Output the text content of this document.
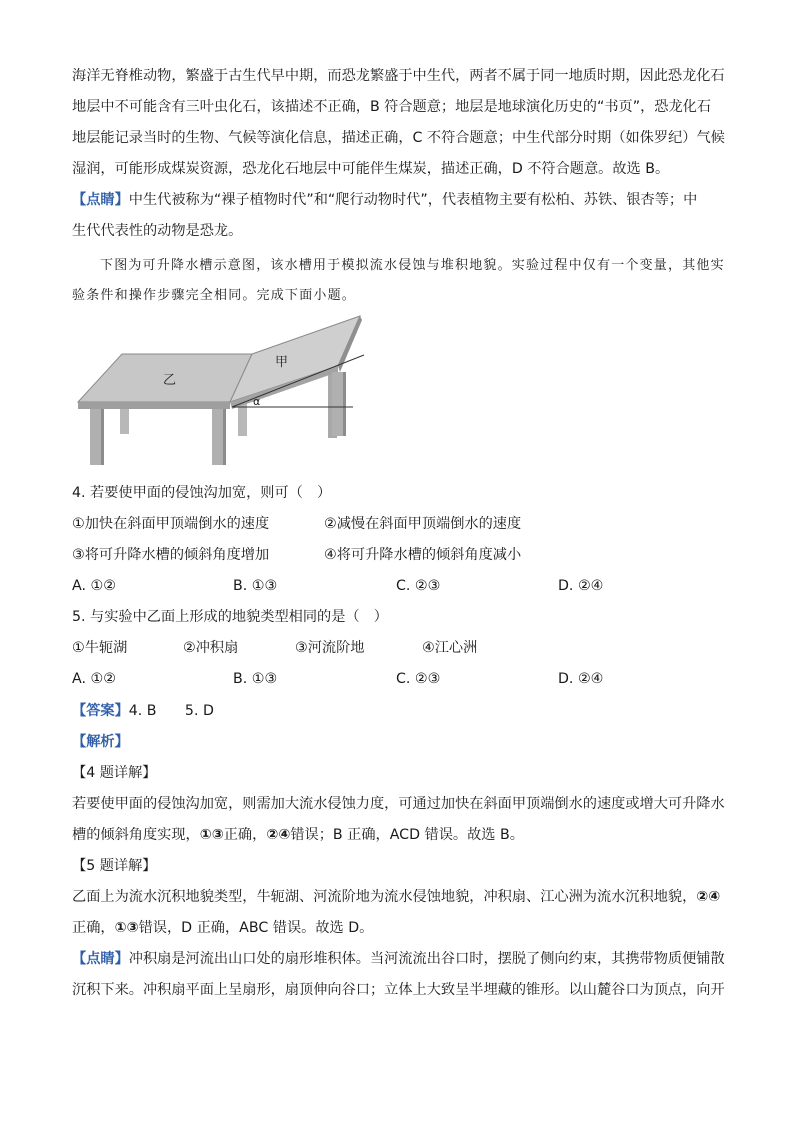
海洋无脊椎动物，繁盛于古生代早中期，而恐龙繁盛于中生代，两者不属于同一地质时期，因此恐龙化石
地层中不可能含有三叶虫化石，该描述不正确，B 符合题意；地层是地球演化历史的“书页”，恐龙化石
地层能记录当时的生物、气候等演化信息，描述正确，C 不符合题意；中生代部分时期（如侏罗纪）气候
湿润，可能形成煤炭资源，恐龙化石地层中可能伴生煤炭，描述正确，D 不符合题意。故选 B。
【点睛】中生代被称为“裸子植物时代”和“爬行动物时代”，代表植物主要有松柏、苏铁、银杏等；中
生代代表性的动物是恐龙。
下图为可升降水槽示意图，该水槽用于模拟流水侵蚀与堆积地貌。实验过程中仅有一个变量，其他实
验条件和操作步骤完全相同。完成下面小题。
甲
乙
α
4. 若要使甲面的侵蚀沟加宽，则可（　）
①加快在斜面甲顶端倒水的速度	②减慢在斜面甲顶端倒水的速度
③将可升降水槽的倾斜角度增加	④将可升降水槽的倾斜角度减小
A. ①②	B. ①③	C. ②③	D. ②④
5. 与实验中乙面上形成的地貌类型相同的是（　）
①牛轭湖	②冲积扇	③河流阶地	④江心洲
A. ①②	B. ①③	C. ②③	D. ②④
【答案】4. B　　5. D
【解析】
【4 题详解】
若要使甲面的侵蚀沟加宽，则需加大流水侵蚀力度，可通过加快在斜面甲顶端倒水的速度或增大可升降水
槽的倾斜角度实现，①③正确，②④错误；B 正确，ACD 错误。故选 B。
【5 题详解】
乙面上为流水沉积地貌类型，牛轭湖、河流阶地为流水侵蚀地貌，冲积扇、江心洲为流水沉积地貌，②④
正确，①③错误，D 正确，ABC 错误。故选 D。
【点睛】冲积扇是河流出山口处的扇形堆积体。当河流流出谷口时，摆脱了侧向约束，其携带物质便铺散
沉积下来。冲积扇平面上呈扇形，扇顶伸向谷口；立体上大致呈半埋藏的锥形。以山麓谷口为顶点，向开
